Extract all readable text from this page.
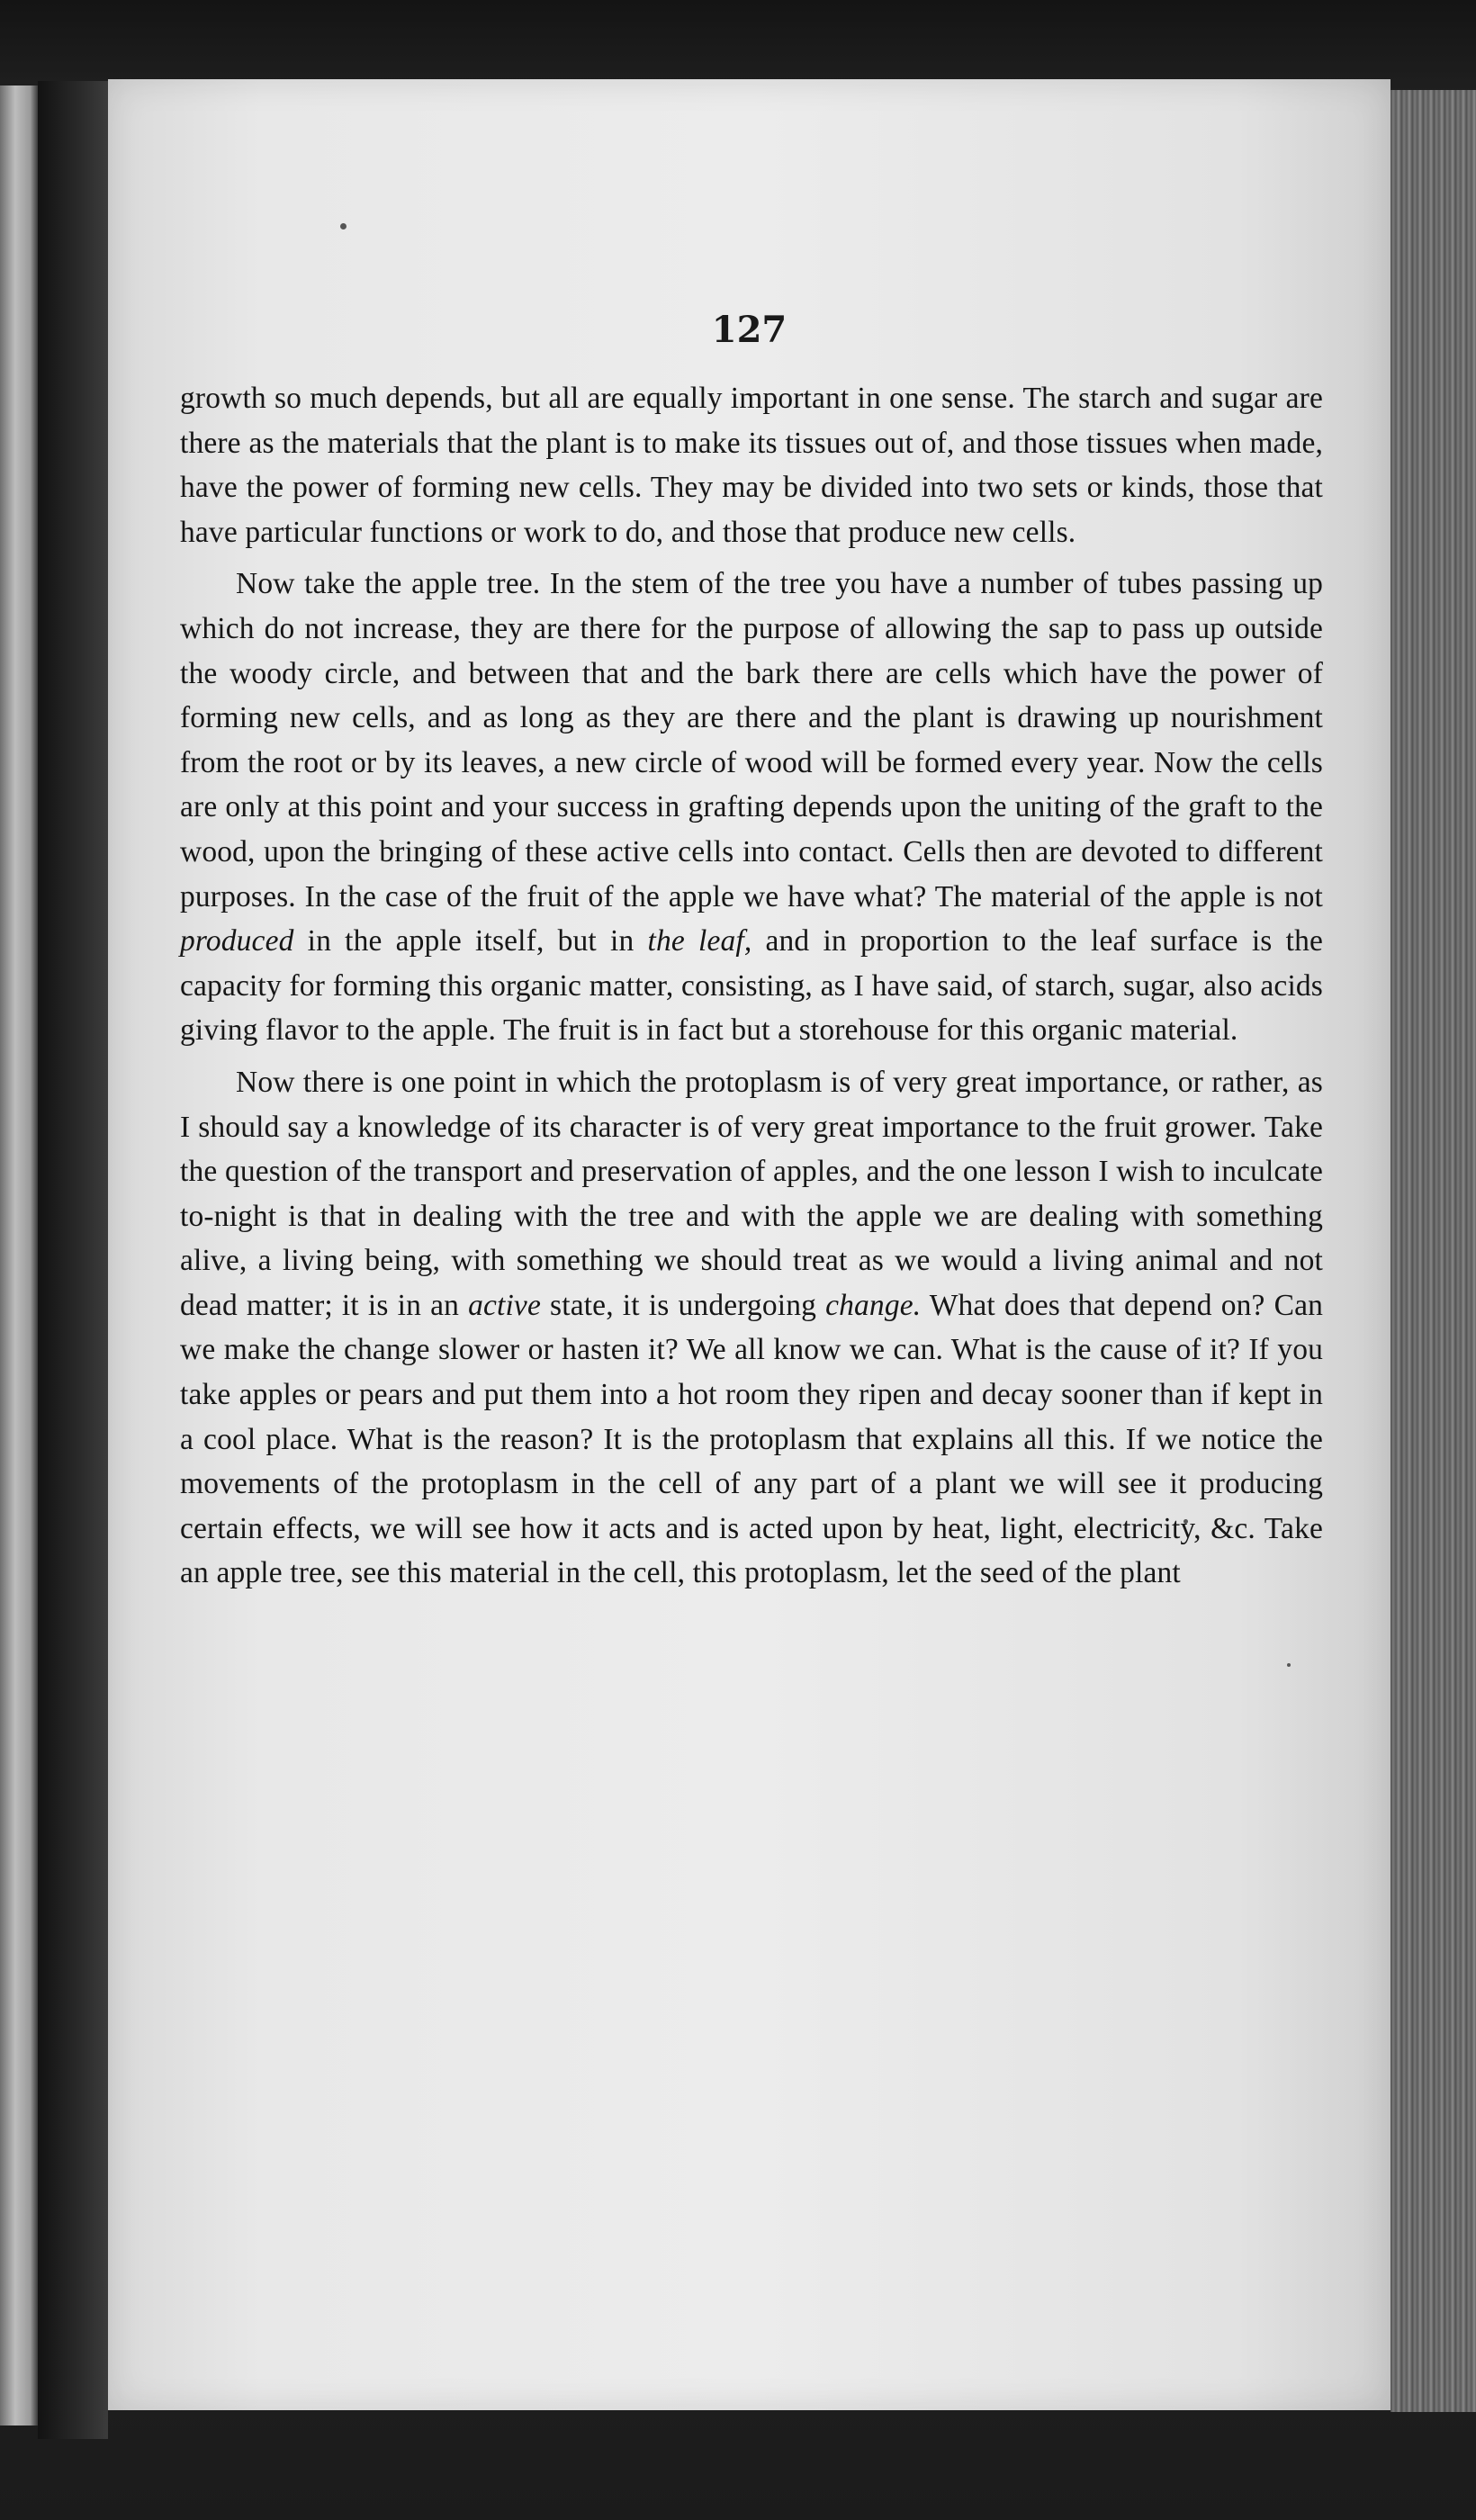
127

growth so much depends, but all are equally important in one sense. The starch and sugar are there as the materials that the plant is to make its tissues out of, and those tissues when made, have the power of forming new cells. They may be divided into two sets or kinds, those that have particular functions or work to do, and those that produce new cells.

Now take the apple tree. In the stem of the tree you have a number of tubes passing up which do not increase, they are there for the purpose of allowing the sap to pass up outside the woody circle, and between that and the bark there are cells which have the power of forming new cells, and as long as they are there and the plant is drawing up nourishment from the root or by its leaves, a new circle of wood will be formed every year. Now the cells are only at this point and your success in grafting depends upon the uniting of the graft to the wood, upon the bringing of these active cells into contact. Cells then are devoted to different purposes. In the case of the fruit of the apple we have what? The material of the apple is not produced in the apple itself, but in the leaf, and in proportion to the leaf surface is the capacity for forming this organic matter, consisting, as I have said, of starch, sugar, also acids giving flavor to the apple. The fruit is in fact but a storehouse for this organic material.

Now there is one point in which the protoplasm is of very great importance, or rather, as I should say a knowledge of its character is of very great importance to the fruit grower. Take the question of the transport and preservation of apples, and the one lesson I wish to inculcate to-night is that in dealing with the tree and with the apple we are dealing with something alive, a living being, with something we should treat as we would a living animal and not dead matter; it is in an active state, it is undergoing change. What does that depend on? Can we make the change slower or hasten it? We all know we can. What is the cause of it? If you take apples or pears and put them into a hot room they ripen and decay sooner than if kept in a cool place. What is the reason? It is the protoplasm that explains all this. If we notice the movements of the protoplasm in the cell of any part of a plant we will see it producing certain effects, we will see how it acts and is acted upon by heat, light, electricity, &c. Take an apple tree, see this material in the cell, this protoplasm, let the seed of the plant
